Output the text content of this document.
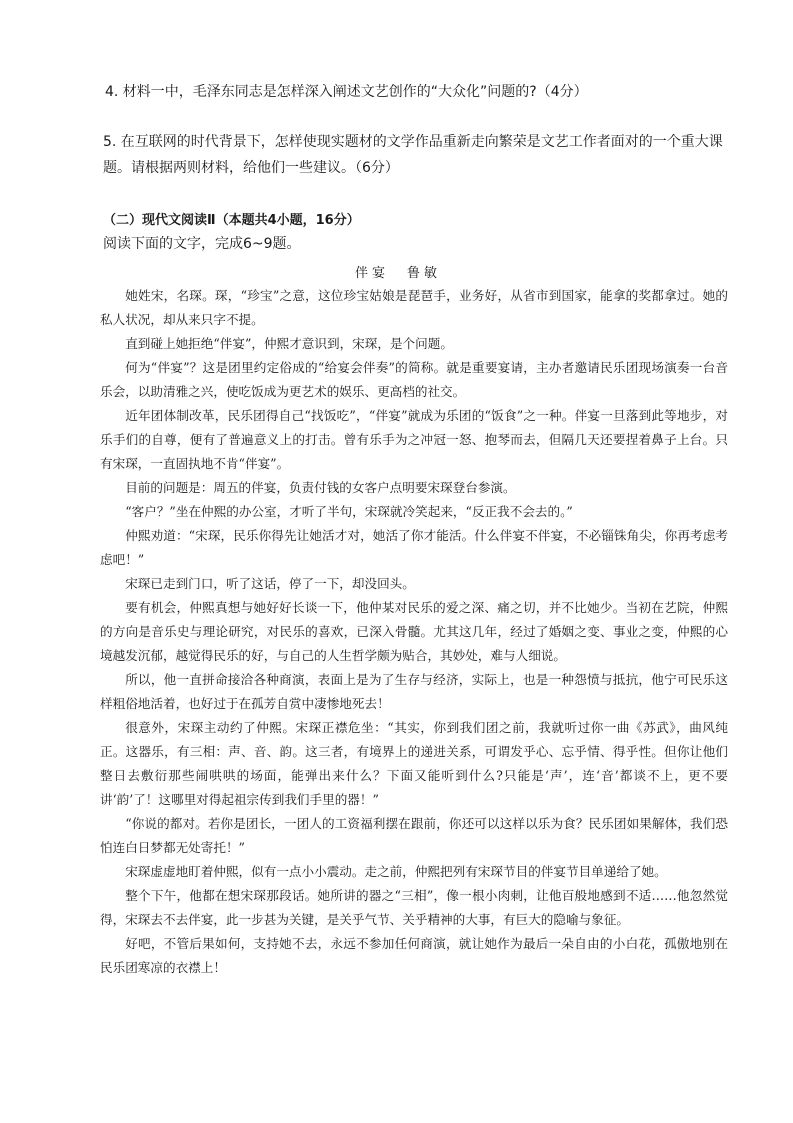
4. 材料一中，毛泽东同志是怎样深入阐述文艺创作的“大众化”问题的?（4分）
5. 在互联网的时代背景下，怎样使现实题材的文学作品重新走向繁荣是文艺工作者面对的一个重大课题。请根据两则材料，给他们一些建议。（6分）
（二）现代文阅读Ⅱ（本题共4小题，16分）
阅读下面的文字，完成6~9题。
伴宴 鲁敏

她姓宋，名琛。琛，“珍宝”之意，这位珍宝姑娘是琵琶手，业务好，从省市到国家，能拿的奖都拿过。她的私人状况，却从来只字不提。

直到碰上她拒绝“伴宴”，仲熙才意识到，宋琛，是个问题。

何为“伴宴”？这是团里约定俗成的“给宴会伴奏”的简称。就是重要宴请，主办者邀请民乐团现场演奏一台音乐会，以助清雅之兴，使吃饭成为更艺术的娱乐、更高档的社交。

近年团体制改革，民乐团得自己“找饭吃”，“伴宴”就成为乐团的“饭食”之一种。伴宴一旦落到此等地步，对乐手们的自尊，便有了普遍意义上的打击。曾有乐手为之冲冠一怒、抱琴而去，但隔几天还要捏着鼻子上台。只有宋琛，一直固执地不肯“伴宴”。

目前的问题是：周五的伴宴，负责付钱的女客户点明要宋琛登台参演。

“客户？”坐在仲熙的办公室，才听了半句，宋琛就冷笑起来，“反正我不会去的。”

仲熙劝道：“宋琛，民乐你得先让她活才对，她活了你才能活。什么伴宴不伴宴，不必锱铢角尖，你再考虑考虑吧！”

宋琛已走到门口，听了这话，停了一下，却没回头。

要有机会，仲熙真想与她好好长谈一下，他仲某对民乐的爱之深、痛之切，并不比她少。当初在艺院，仲熙的方向是音乐史与理论研究，对民乐的喜欢，已深入骨髓。尤其这几年，经过了婚姻之变、事业之变，仲熙的心境越发沉郁，越觉得民乐的好，与自己的人生哲学颇为贴合，其妙处，难与人细说。

所以，他一直拼命接洽各种商演，表面上是为了生存与经济，实际上，也是一种怨愤与抵抗，他宁可民乐这样粗俗地活着，也好过于在孤芳自赏中凄惨地死去！

很意外，宋琛主动约了仲熙。宋琛正襟危坐：“其实，你到我们团之前，我就听过你一曲《苏武》，曲风纯正。这器乐，有三相：声、音、韵。这三者，有境界上的递进关系，可谓发乎心、忘乎情、得乎性。但你让他们整日去敷衍那些闹哄哄的场面，能弹出来什么？下面又能听到什么?只能是‘声’，连‘音’都谈不上，更不要讲‘韵’了！这哪里对得起祖宗传到我们手里的器！”

“你说的都对。若你是团长，一团人的工资福利摆在跟前，你还可以这样以乐为食？民乐团如果解体，我们恐怕连白日梦都无处寄托！”

宋琛虚虚地盯着仲熙，似有一点小小震动。走之前，仲熙把列有宋琛节目的伴宴节目单递给了她。

整个下午，他都在想宋琛那段话。她所讲的器之“三相”，像一根小肉刺，让他百般地感到不适……他忽然觉得，宋琛去不去伴宴，此一步甚为关键，是关乎气节、关乎精神的大事，有巨大的隐喻与象征。

好吧，不管后果如何，支持她不去，永远不参加任何商演，就让她作为最后一朵自由的小白花，孤傲地别在民乐团寒凉的衣襟上！
